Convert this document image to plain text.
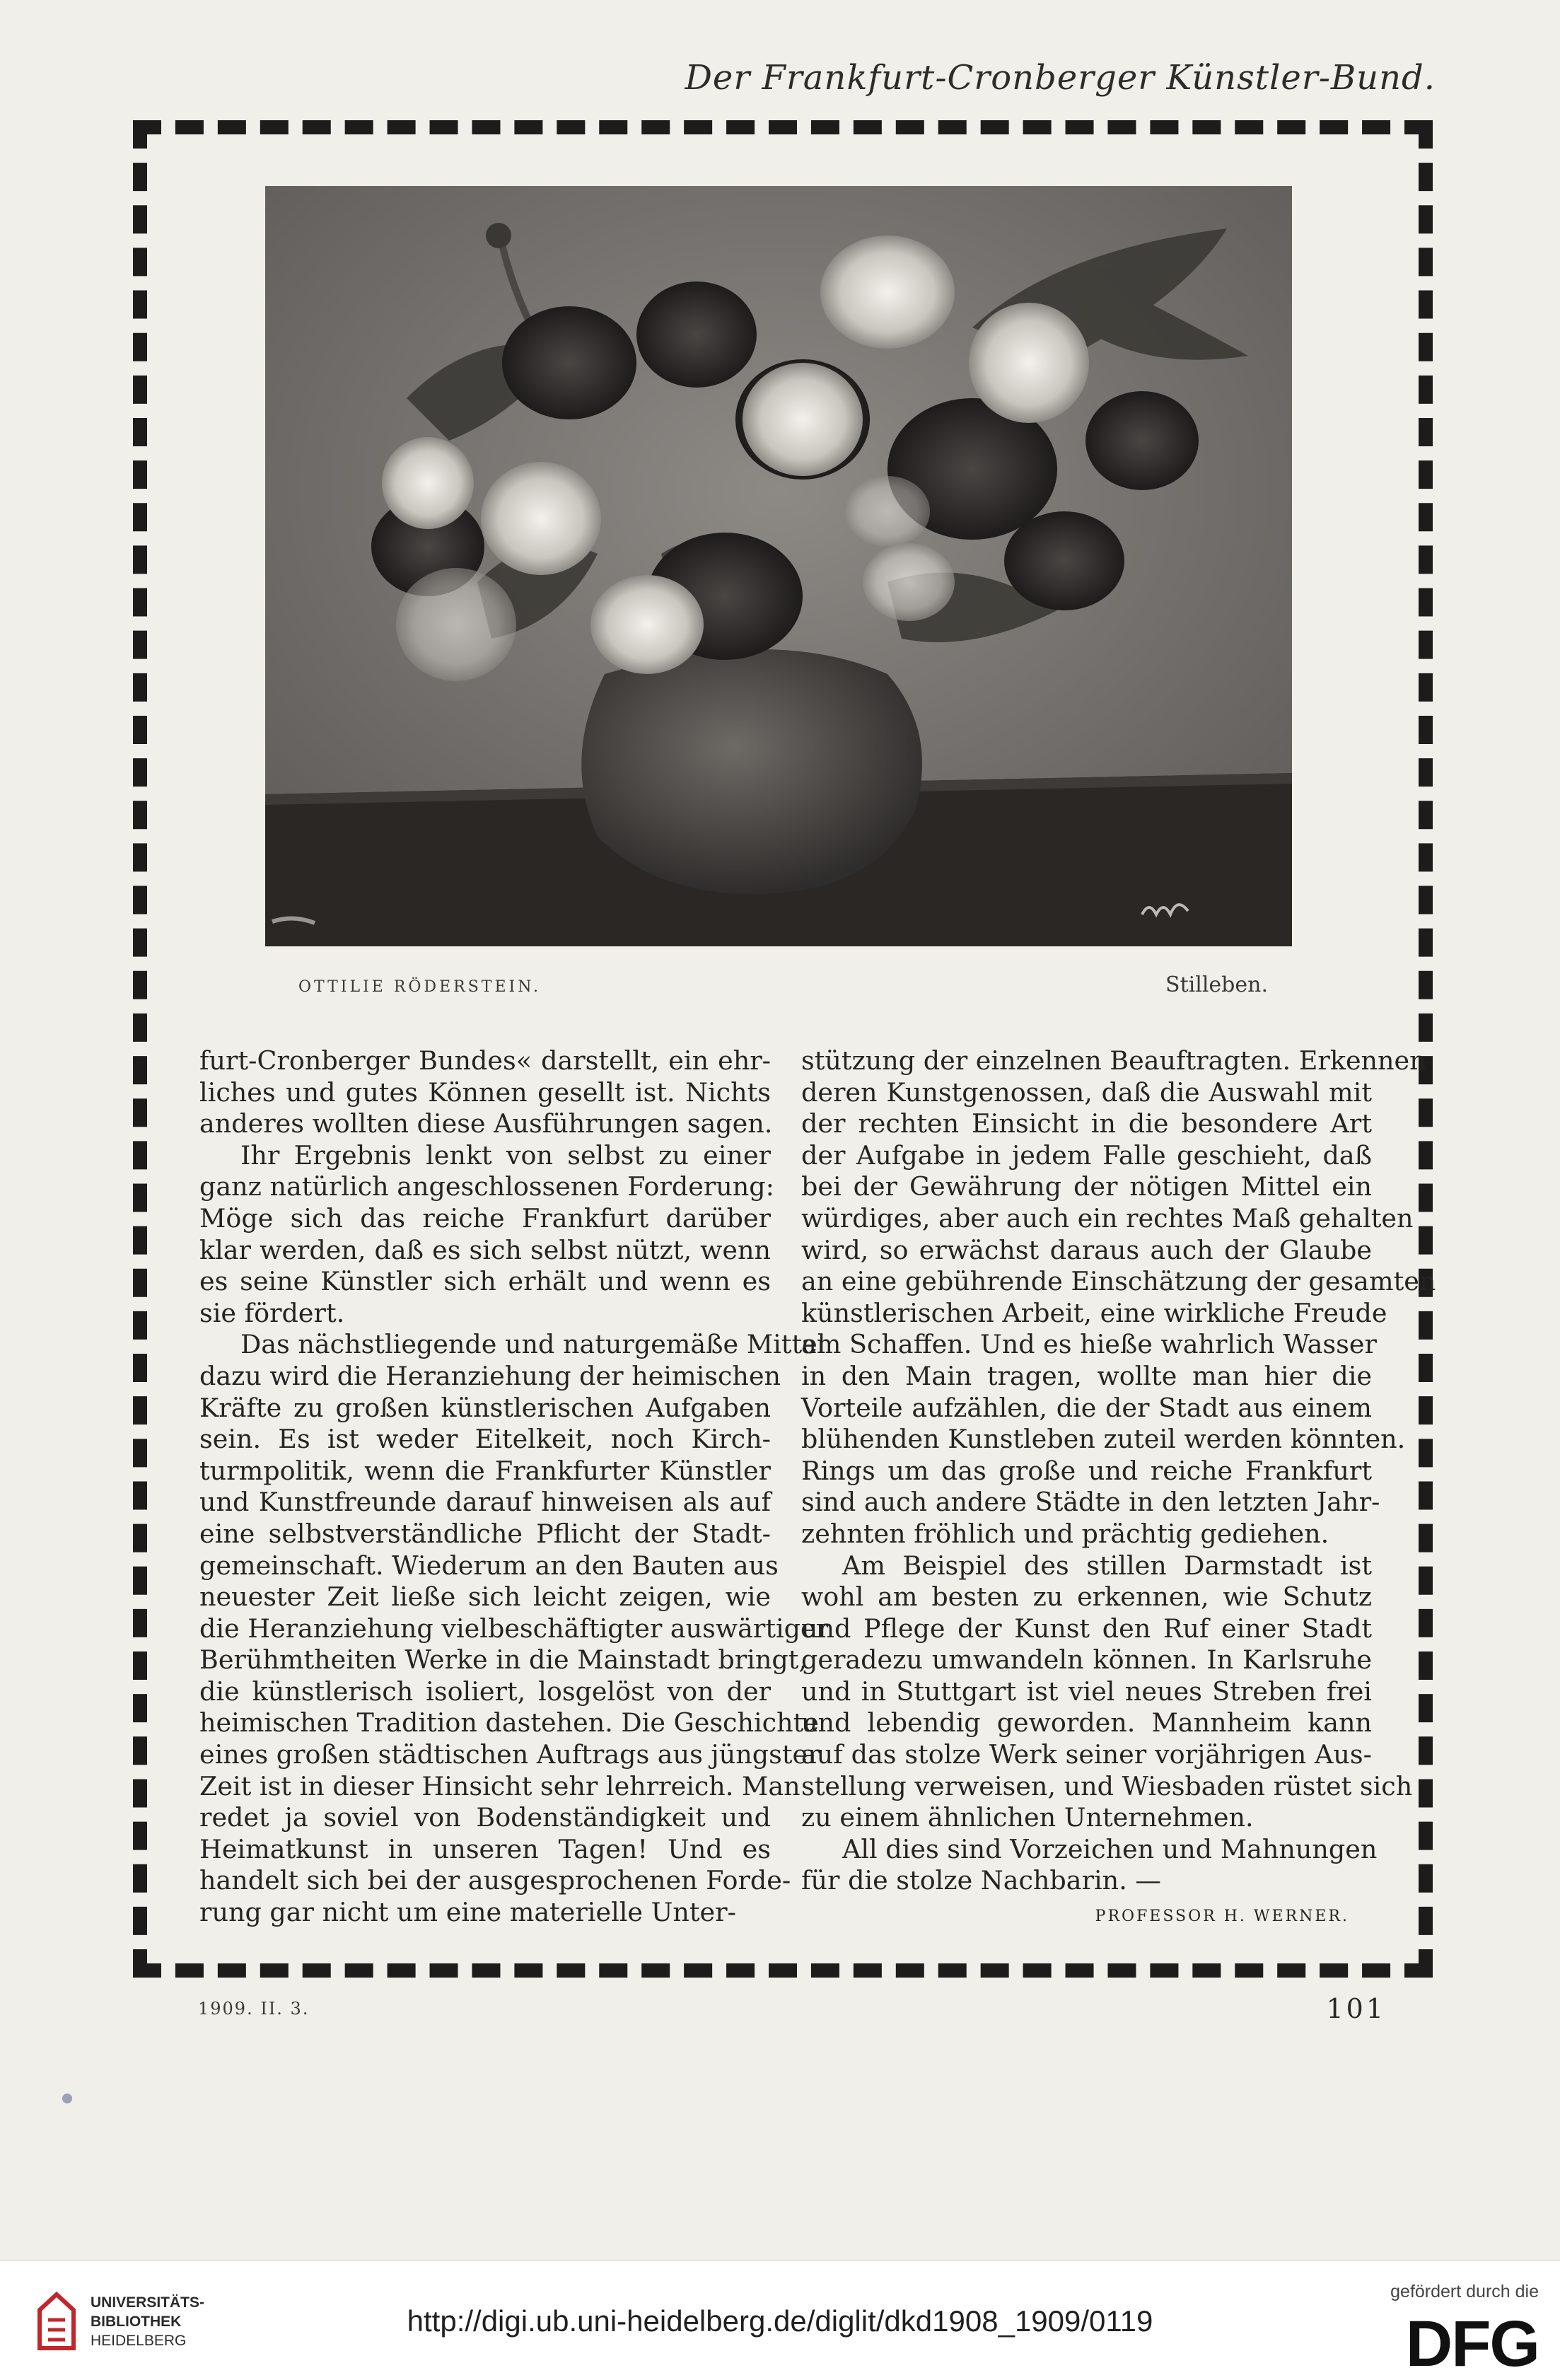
Der Frankfurt-Cronberger Künstler-Bund.
OTTILIE RÖDERSTEIN.	Stilleben.
furt-Cronberger Bundes« darstellt, ein ehr-
liches und gutes Können gesellt ist. Nichts
anderes wollten diese Ausführungen sagen.
Ihr Ergebnis lenkt von selbst zu einer
ganz natürlich angeschlossenen Forderung:
Möge sich das reiche Frankfurt darüber
klar werden, daß es sich selbst nützt, wenn
es seine Künstler sich erhält und wenn es
sie fördert.
Das nächstliegende und naturgemäße Mittel
dazu wird die Heranziehung der heimischen
Kräfte zu großen künstlerischen Aufgaben
sein. Es ist weder Eitelkeit, noch Kirch-
turmpolitik, wenn die Frankfurter Künstler
und Kunstfreunde darauf hinweisen als auf
eine selbstverständliche Pflicht der Stadt-
gemeinschaft. Wiederum an den Bauten aus
neuester Zeit ließe sich leicht zeigen, wie
die Heranziehung vielbeschäftigter auswärtiger
Berühmtheiten Werke in die Mainstadt bringt,
die künstlerisch isoliert, losgelöst von der
heimischen Tradition dastehen. Die Geschichte
eines großen städtischen Auftrags aus jüngster
Zeit ist in dieser Hinsicht sehr lehrreich. Man
redet ja soviel von Bodenständigkeit und
Heimatkunst in unseren Tagen! Und es
handelt sich bei der ausgesprochenen Forde-
rung gar nicht um eine materielle Unter-
stützung der einzelnen Beauftragten. Erkennen
deren Kunstgenossen, daß die Auswahl mit
der rechten Einsicht in die besondere Art
der Aufgabe in jedem Falle geschieht, daß
bei der Gewährung der nötigen Mittel ein
würdiges, aber auch ein rechtes Maß gehalten
wird, so erwächst daraus auch der Glaube
an eine gebührende Einschätzung der gesamten
künstlerischen Arbeit, eine wirkliche Freude
am Schaffen. Und es hieße wahrlich Wasser
in den Main tragen, wollte man hier die
Vorteile aufzählen, die der Stadt aus einem
blühenden Kunstleben zuteil werden könnten.
Rings um das große und reiche Frankfurt
sind auch andere Städte in den letzten Jahr-
zehnten fröhlich und prächtig gediehen.
Am Beispiel des stillen Darmstadt ist
wohl am besten zu erkennen, wie Schutz
und Pflege der Kunst den Ruf einer Stadt
geradezu umwandeln können. In Karlsruhe
und in Stuttgart ist viel neues Streben frei
und lebendig geworden. Mannheim kann
auf das stolze Werk seiner vorjährigen Aus-
stellung verweisen, und Wiesbaden rüstet sich
zu einem ähnlichen Unternehmen.
All dies sind Vorzeichen und Mahnungen
für die stolze Nachbarin. —
PROFESSOR H. WERNER.
1909. II. 3.	101
UNIVERSITÄTS-
BIBLIOTHEK
HEIDELBERG
http://digi.ub.uni-heidelberg.de/diglit/dkd1908_1909/0119
gefördert durch die
DFG
